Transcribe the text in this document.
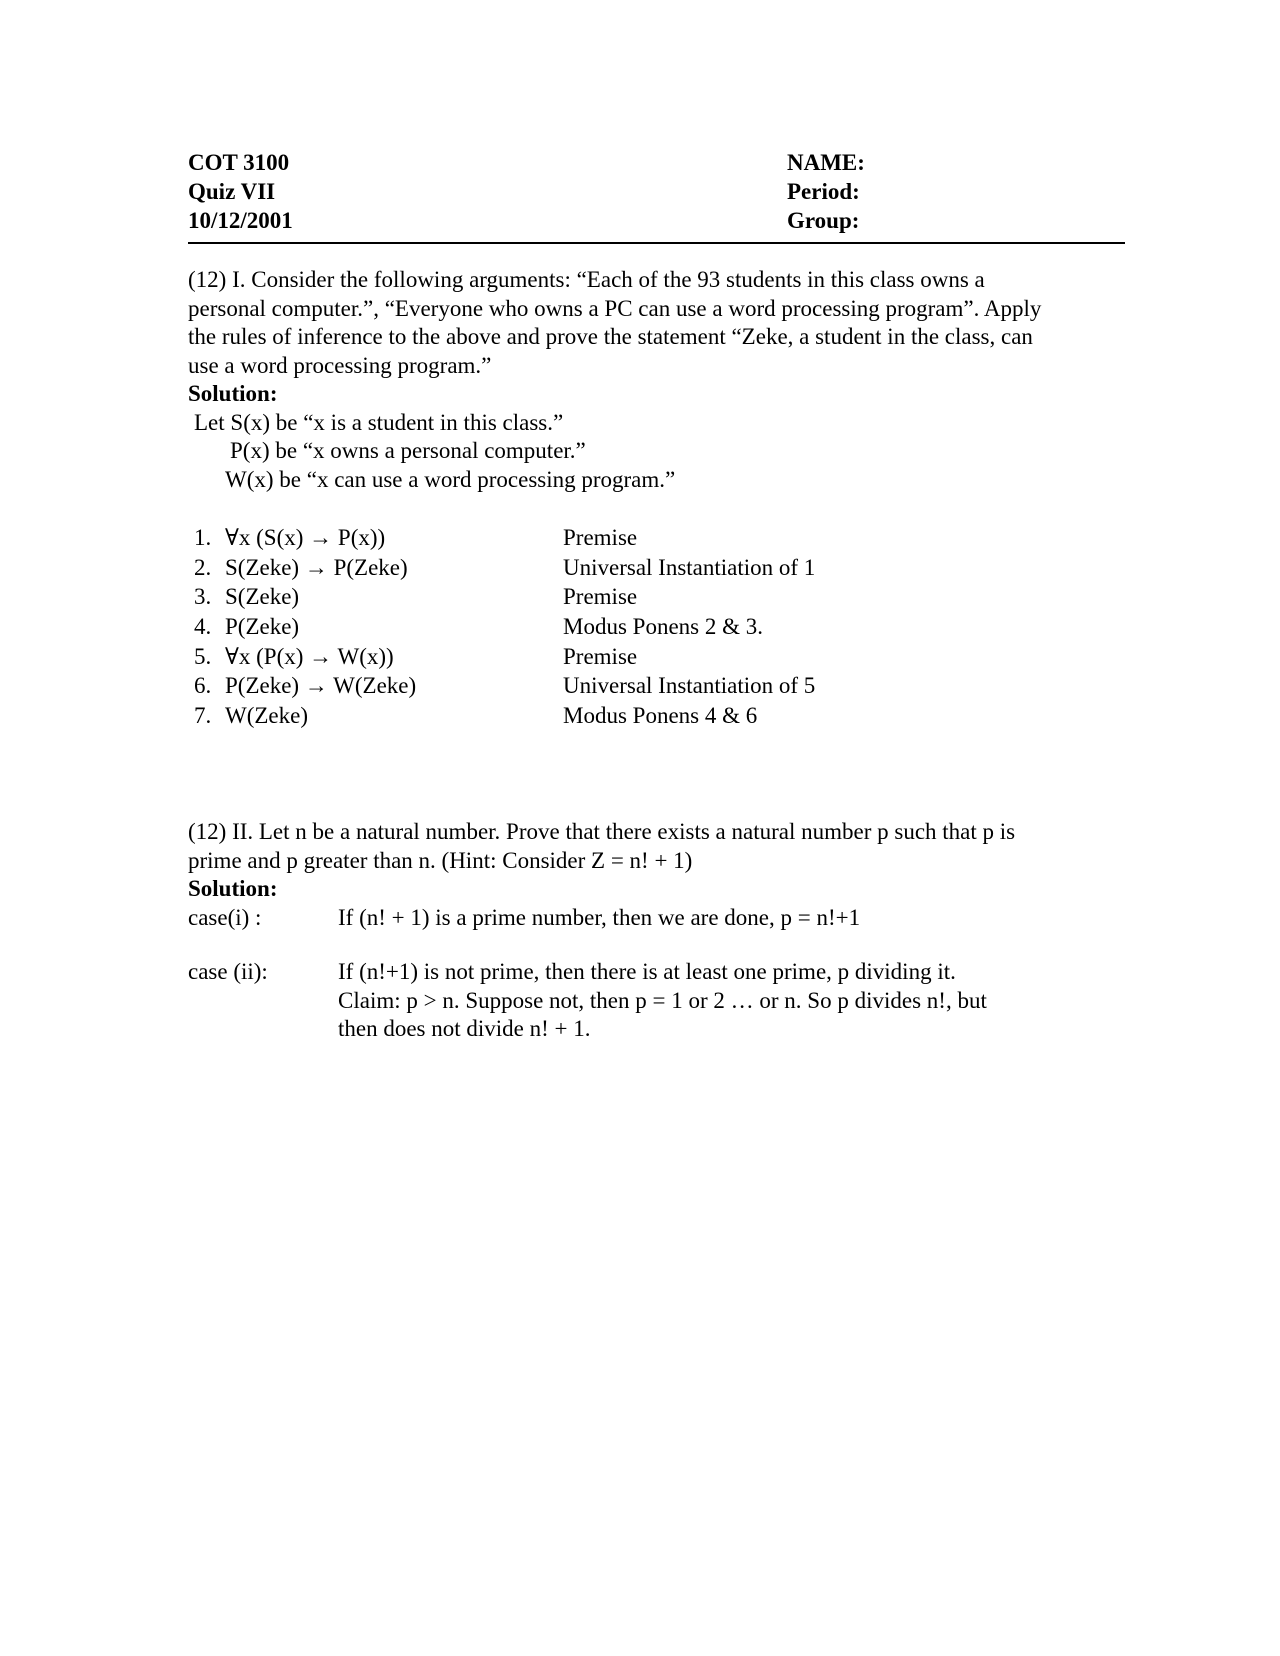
COT 3100
Quiz VII
10/12/2001
NAME:
Period:
Group:

(12) I. Consider the following arguments: “Each of the 93 students in this class owns a personal computer.”, “Everyone who owns a PC can use a word processing program”. Apply the rules of inference to the above and prove the statement “Zeke, a student in the class, can use a word processing program.”

Solution:
Let S(x) be “x is a student in this class.”
P(x) be “x owns a personal computer.”
W(x) be “x can use a word processing program.”
1. ∀x (S(x) → P(x))	Premise
2. S(Zeke) → P(Zeke)	Universal Instantiation of 1
3. S(Zeke)	Premise
4. P(Zeke)	Modus Ponens 2 & 3.
5. ∀x (P(x) → W(x))	Premise
6. P(Zeke) → W(Zeke)	Universal Instantiation of 5
7. W(Zeke)	Modus Ponens 4 & 6

(12) II. Let n be a natural number. Prove that there exists a natural number p such that p is prime and p greater than n. (Hint: Consider Z = n! + 1)

Solution:
case(i) :	If (n! + 1) is a prime number, then we are done, p = n!+1
case (ii):	If (n!+1) is not prime, then there is at least one prime, p dividing it.
Claim: p > n. Suppose not, then p = 1 or 2 … or n. So p divides n!, but
then does not divide n! + 1.
